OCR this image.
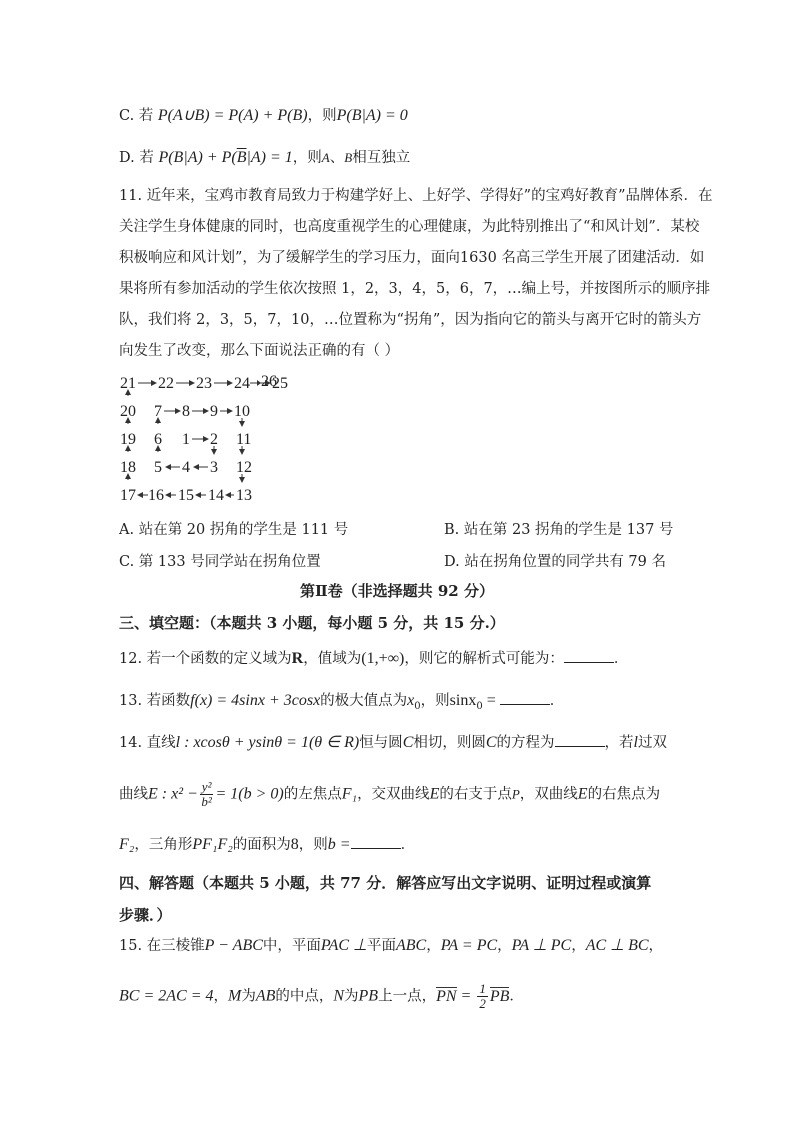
C. 若 P(A∪B) = P(A) + P(B)，则P(B|A) = 0
D. 若 $P(B|A) + P(\overline{B}|A) = 1$，则A、B相互独立
11. 近年来，宝鸡市教育局致力于构建学好上、上好学、学得好”的宝鸡好教育”品牌体系．在
关注学生身体健康的同时，也高度重视学生的心理健康，为此特别推出了“和风计划”．某校
积极响应和风计划”，为了缓解学生的学习压力，面向1630 名高三学生开展了团建活动．如
果将所有参加活动的学生依次按照 1，2，3，4，5，6，7，…编上号，并按图所示的顺序排
队，我们将 2，3，5，7，10，…位置称为“拐角”，因为指向它的箭头与离开它时的箭头方
向发生了改变，那么下面说法正确的有（ ）
21 22 23 24 25
20 7 8 9 10
19 6 1 2 11
18 5 4 3 12
17 16 15 14 13
26
A. 站在第 20 拐角的学生是 111 号	B. 站在第 23 拐角的学生是 137 号
C. 第 133 号同学站在拐角位置	D. 站在拐角位置的同学共有 79 名
第Ⅱ卷（非选择题共 92 分）
三、填空题：（本题共 3 小题，每小题 5 分，共 15 分.）
12. 若一个函数的定义域为R，值域为(1,+∞)，则它的解析式可能为：	．
13. 若函数f(x) = 4sinx + 3cosx的极大值点为$x_0$，则sinx$_0$ =	．
14. 直线l : xcosθ + ysinθ = 1(θ ∈ R)恒与圆C相切，则圆C的方程为	，若l过双
曲线E : $x^2 - \frac{\text{y²}}{\text{b²}} = 1(b > 0)$的左焦点F₁，交双曲线E的右支于点P，双曲线E的右焦点为
F₂，三角形PF₁F₂的面积为8，则b =	．
四、解答题（本题共 5 小题，共 77 分．解答应写出文字说明、证明过程或演算
步骤．）
15. 在三棱锥P − ABC中，平面PAC ⊥平面ABC，PA = PC，PA ⊥ PC，AC ⊥ BC，
BC = 2AC = 4，M为AB的中点，N为PB上一点，PN = $\frac{1}{2}$ PB．
